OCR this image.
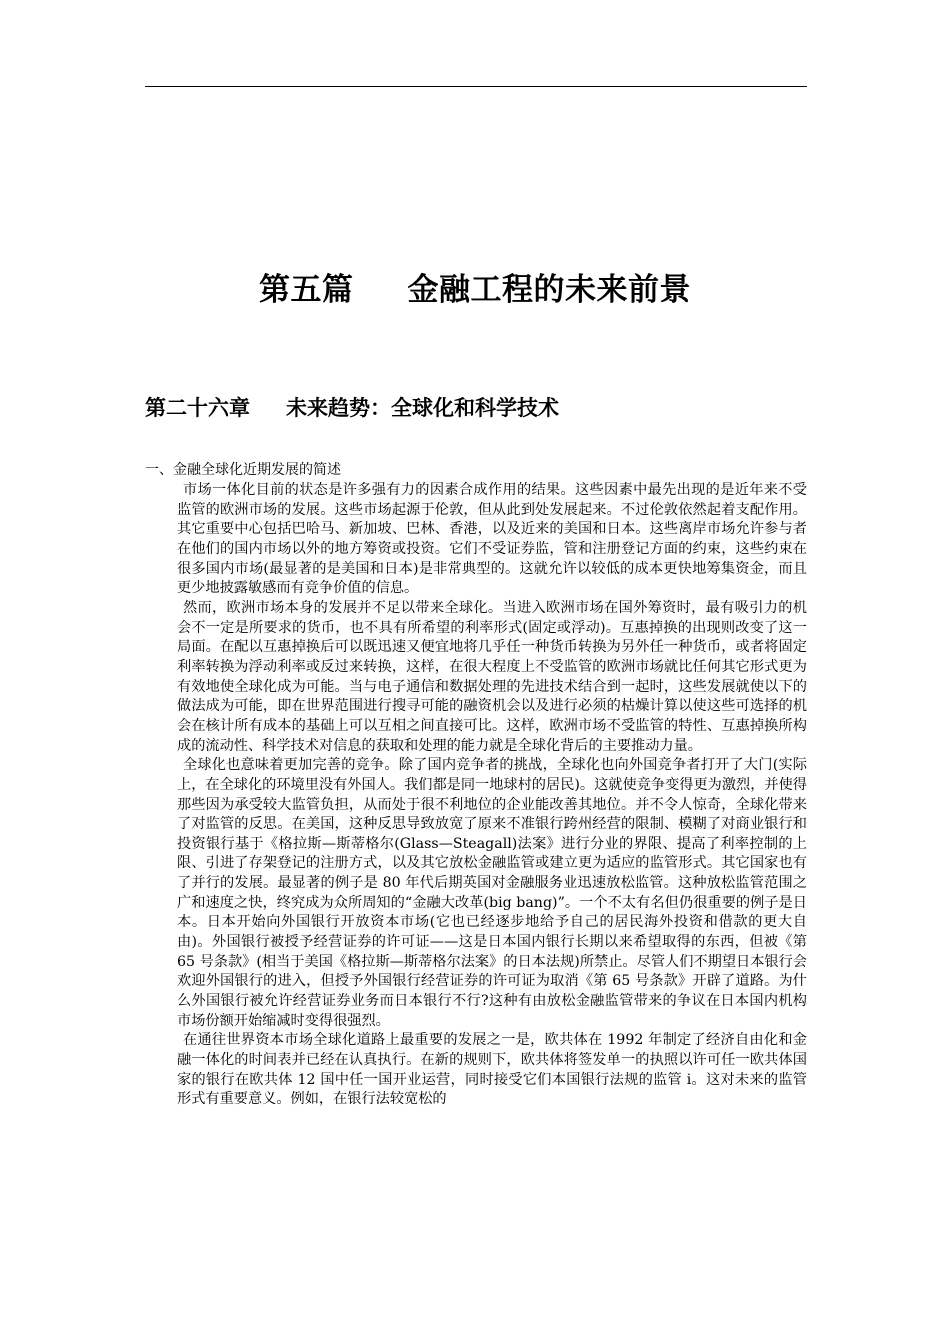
第五篇 金融工程的未来前景
第二十六章 未来趋势：全球化和科学技术
一、金融全球化近期发展的简述

市场一体化目前的状态是许多强有力的因素合成作用的结果。这些因素中最先出现的是近年来不受监管的欧洲市场的发展。这些市场起源于伦敦，但从此到处发展起来。不过伦敦依然起着支配作用。其它重要中心包括巴哈马、新加坡、巴林、香港，以及近来的美国和日本。这些离岸市场允许参与者在他们的国内市场以外的地方筹资或投资。它们不受证券监，管和注册登记方面的约束，这些约束在很多国内市场(最显著的是美国和日本)是非常典型的。这就允许以较低的成本更快地筹集资金，而且更少地披露敏感而有竞争价值的信息。

然而，欧洲市场本身的发展并不足以带来全球化。当进入欧洲市场在国外筹资时，最有吸引力的机会不一定是所要求的货币，也不具有所希望的利率形式(固定或浮动)。互惠掉换的出现则改变了这一局面。在配以互惠掉换后可以既迅速又便宜地将几乎任一种货币转换为另外任一种货币，或者将固定利率转换为浮动利率或反过来转换，这样，在很大程度上不受监管的欧洲市场就比任何其它形式更为有效地使全球化成为可能。当与电子通信和数据处理的先进技术结合到一起时，这些发展就使以下的做法成为可能，即在世界范围进行搜寻可能的融资机会以及进行必须的枯燥计算以使这些可选择的机会在核计所有成本的基础上可以互相之间直接可比。这样，欧洲市场不受监管的特性、互惠掉换所构成的流动性、科学技术对信息的获取和处理的能力就是全球化背后的主要推动力量。

全球化也意味着更加完善的竞争。除了国内竞争者的挑战，全球化也向外国竞争者打开了大门(实际上，在全球化的环境里没有外国人。我们都是同一地球村的居民)。这就使竞争变得更为激烈，并使得那些因为承受较大监管负担，从而处于很不利地位的企业能改善其地位。并不令人惊奇，全球化带来了对监管的反思。在美国，这种反思导致放宽了原来不准银行跨州经营的限制、模糊了对商业银行和投资银行基于《格拉斯—斯蒂格尔(Glass—Steagall)法案》进行分业的界限、提高了利率控制的上限、引进了存架登记的注册方式，以及其它放松金融监管或建立更为适应的监管形式。其它国家也有了并行的发展。最显著的例子是 80 年代后期英国对金融服务业迅速放松监管。这种放松监管范围之广和速度之快，终究成为众所周知的“金融大改革(big bang)”。一个不太有名但仍很重要的例子是日本。日本开始向外国银行开放资本市场(它也已经逐步地给予自己的居民海外投资和借款的更大自由)。外国银行被授予经营证券的许可证——这是日本国内银行长期以来希望取得的东西，但被《第 65 号条款》(相当于美国《格拉斯—斯蒂格尔法案》的日本法规)所禁止。尽管人们不期望日本银行会欢迎外国银行的进入，但授予外国银行经营证券的许可证为取消《第 65 号条款》开辟了道路。为什么外国银行被允许经营证券业务而日本银行不行?这种有由放松金融监管带来的争议在日本国内机构市场份额开始缩减时变得很强烈。

在通往世界资本市场全球化道路上最重要的发展之一是，欧共体在 1992 年制定了经济自由化和金融一体化的时间表并已经在认真执行。在新的规则下，欧共体将签发单一的执照以许可任一欧共体国家的银行在欧共体 12 国中任一国开业运营，同时接受它们本国银行法规的监管 i。这对未来的监管形式有重要意义。例如，在银行法较宽松的
